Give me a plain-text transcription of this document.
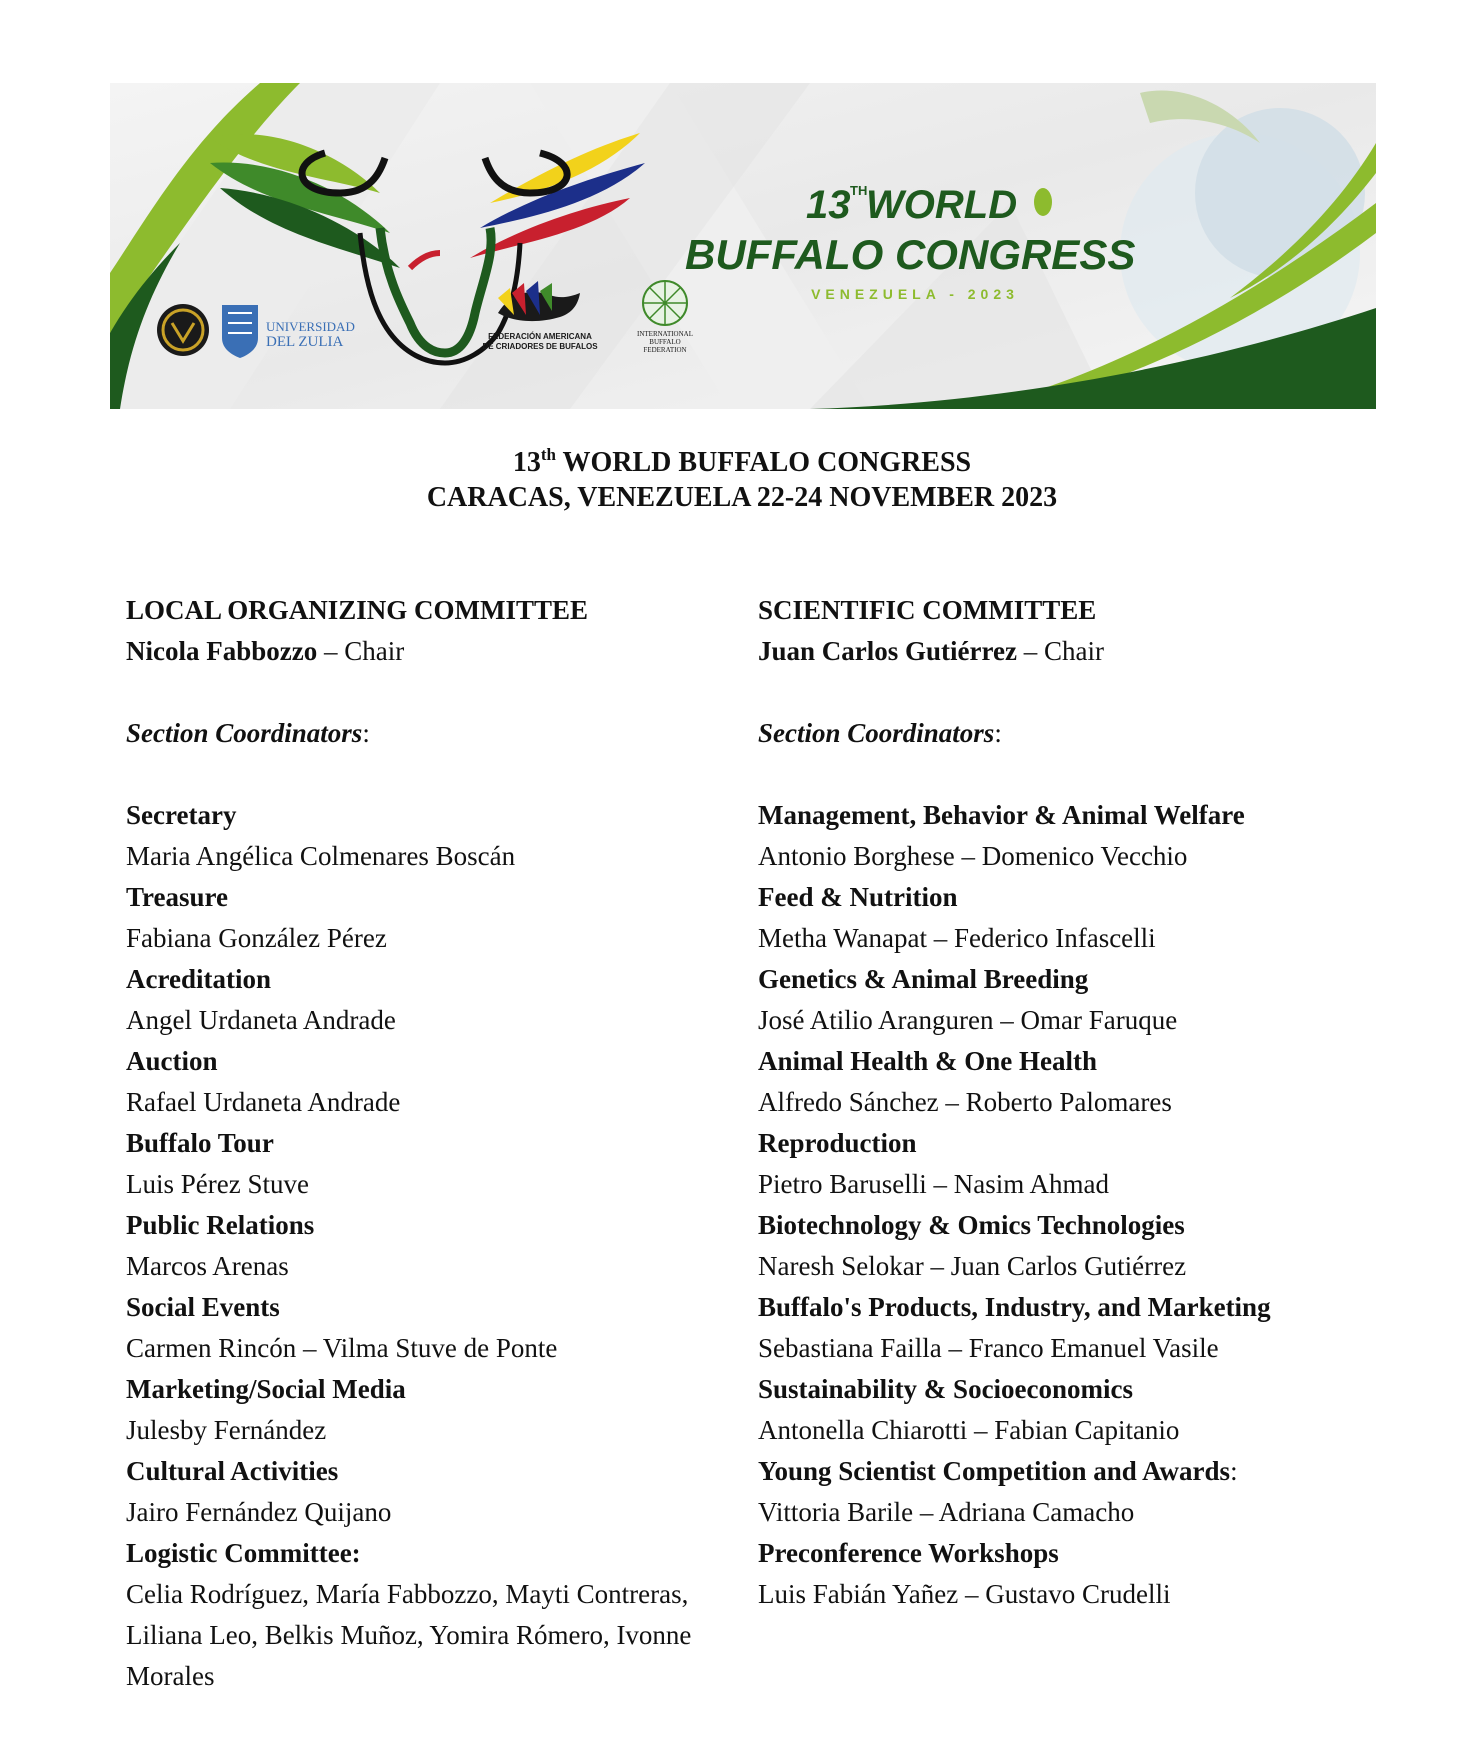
UNIVERSIDAD
DEL ZULIA	FEDERACIÓN AMERICANA
DE CRIADORES DE BUFALOS
INTERNATIONAL
BUFFALO
FEDERATION
13 TH
WORLD
BUFFALO CONGRESS
VENEZUELA - 2023

13th WORLD BUFFALO CONGRESS

CARACAS, VENEZUELA 22-24 NOVEMBER 2023

LOCAL ORGANIZING COMMITTEE
Nicola Fabbozzo – Chair
Section Coordinators:
Secretary
Maria Angélica Colmenares Boscán
Treasure
Fabiana González Pérez
Acreditation
Angel Urdaneta Andrade
Auction
Rafael Urdaneta Andrade
Buffalo Tour
Luis Pérez Stuve
Public Relations
Marcos Arenas
Social Events
Carmen Rincón – Vilma Stuve de Ponte
Marketing/Social Media
Julesby Fernández
Cultural Activities
Jairo Fernández Quijano
Logistic Committee:
Celia Rodríguez, María Fabbozzo, Mayti Contreras, Liliana Leo, Belkis Muñoz, Yomira Rómero, Ivonne Morales
SCIENTIFIC COMMITTEE
Juan Carlos Gutiérrez – Chair
Section Coordinators:
Management, Behavior & Animal Welfare
Antonio Borghese – Domenico Vecchio
Feed & Nutrition
Metha Wanapat – Federico Infascelli
Genetics & Animal Breeding
José Atilio Aranguren – Omar Faruque
Animal Health & One Health
Alfredo Sánchez – Roberto Palomares
Reproduction
Pietro Baruselli – Nasim Ahmad
Biotechnology & Omics Technologies
Naresh Selokar – Juan Carlos Gutiérrez
Buffalo's Products, Industry, and Marketing
Sebastiana Failla – Franco Emanuel Vasile
Sustainability & Socioeconomics
Antonella Chiarotti – Fabian Capitanio
Young Scientist Competition and Awards:
Vittoria Barile – Adriana Camacho
Preconference Workshops
Luis Fabián Yañez – Gustavo Crudelli
